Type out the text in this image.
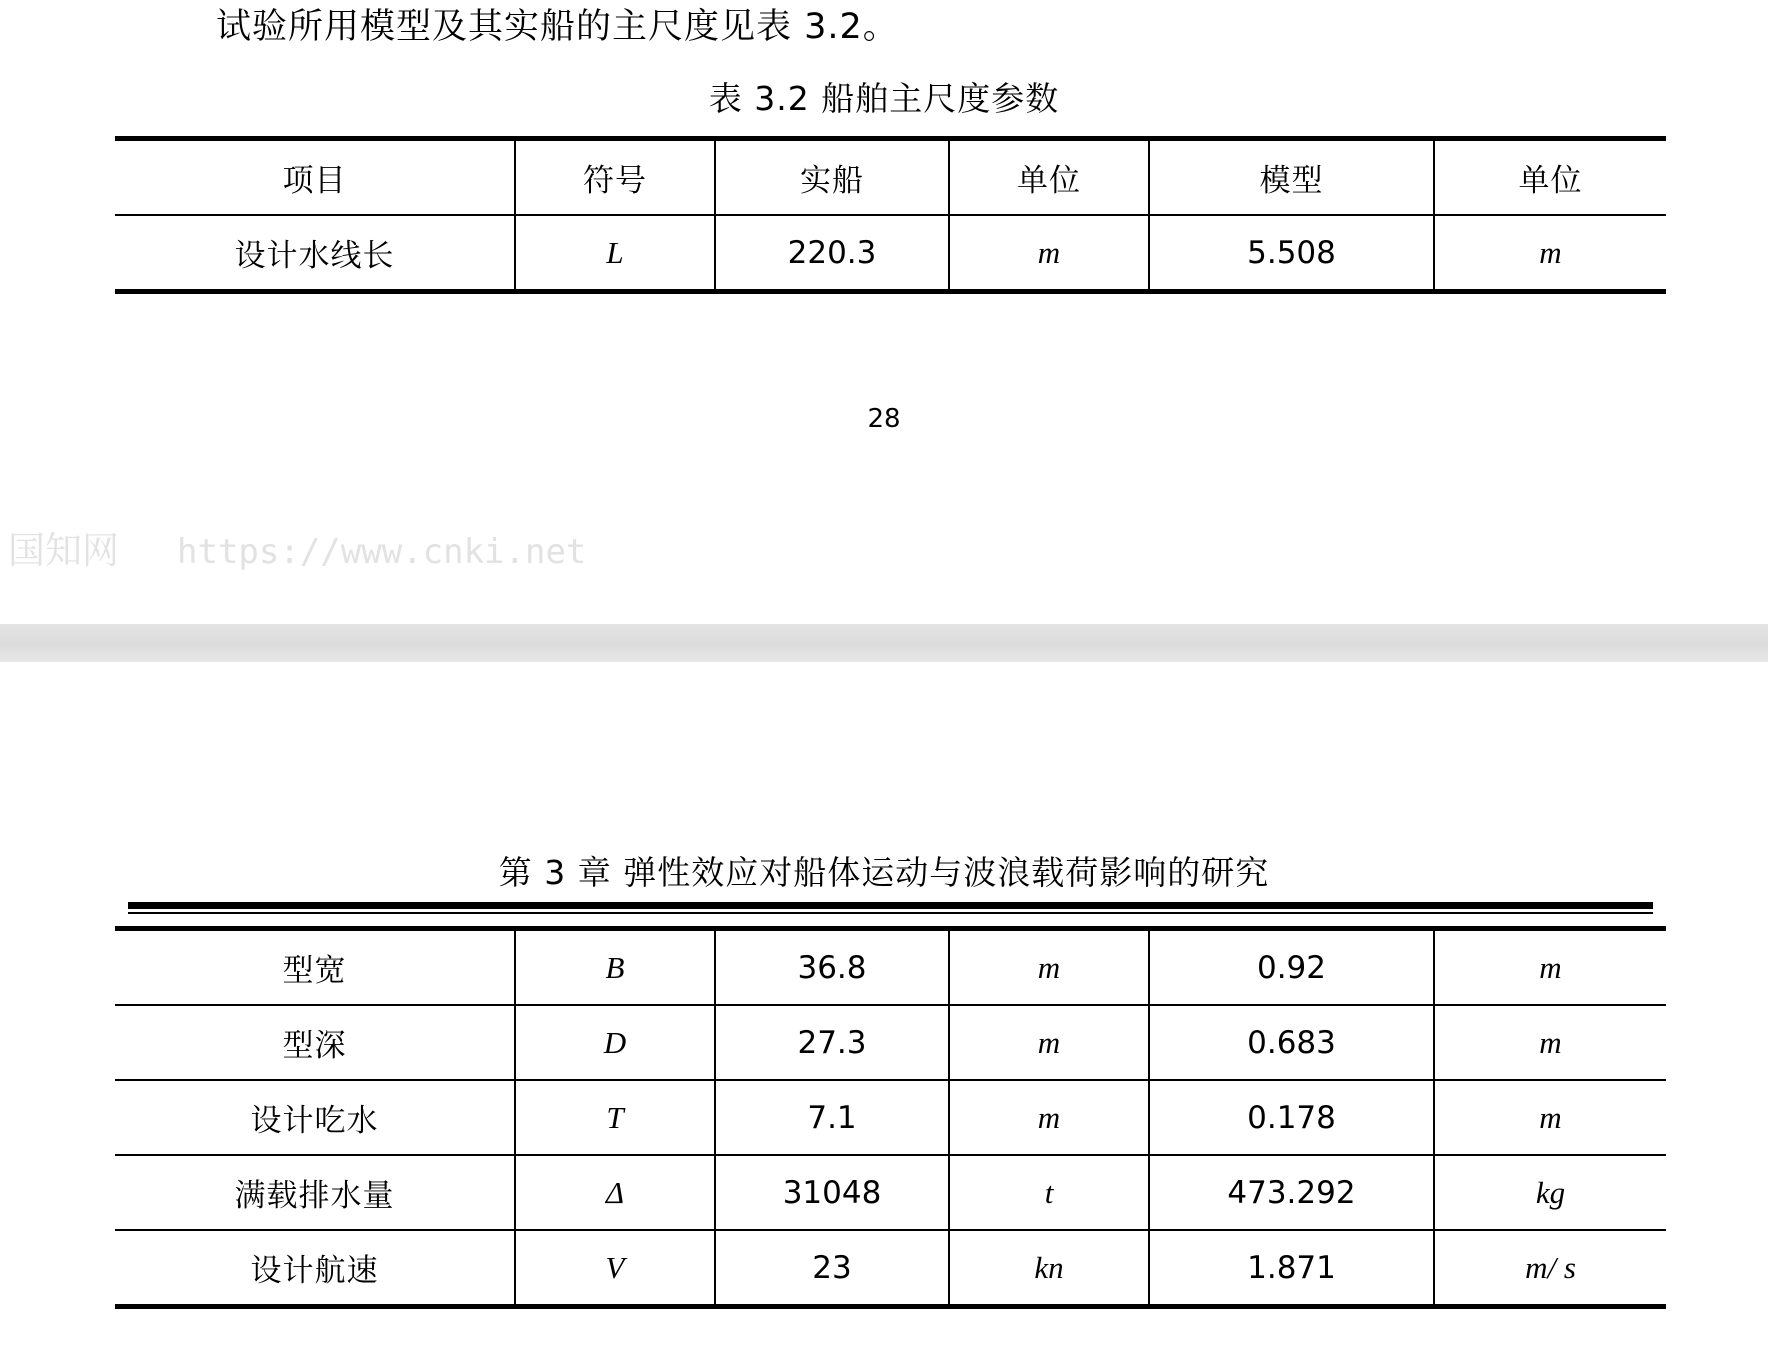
试验所用模型及其实船的主尺度见表 3.2。
表 3.2 船舶主尺度参数
项目	符号	实船	单位	模型	单位
设计水线长	L	220.3	m	5.508	m
28
国知网 https://www.cnki.net
第 3 章 弹性效应对船体运动与波浪载荷影响的研究
型宽	B	36.8	m	0.92	m
型深	D	27.3	m	0.683	m
设计吃水	T	7.1	m	0.178	m
满载排水量	Δ	31048	t	473.292	kg
设计航速	V	23	kn	1.871	m/ s
